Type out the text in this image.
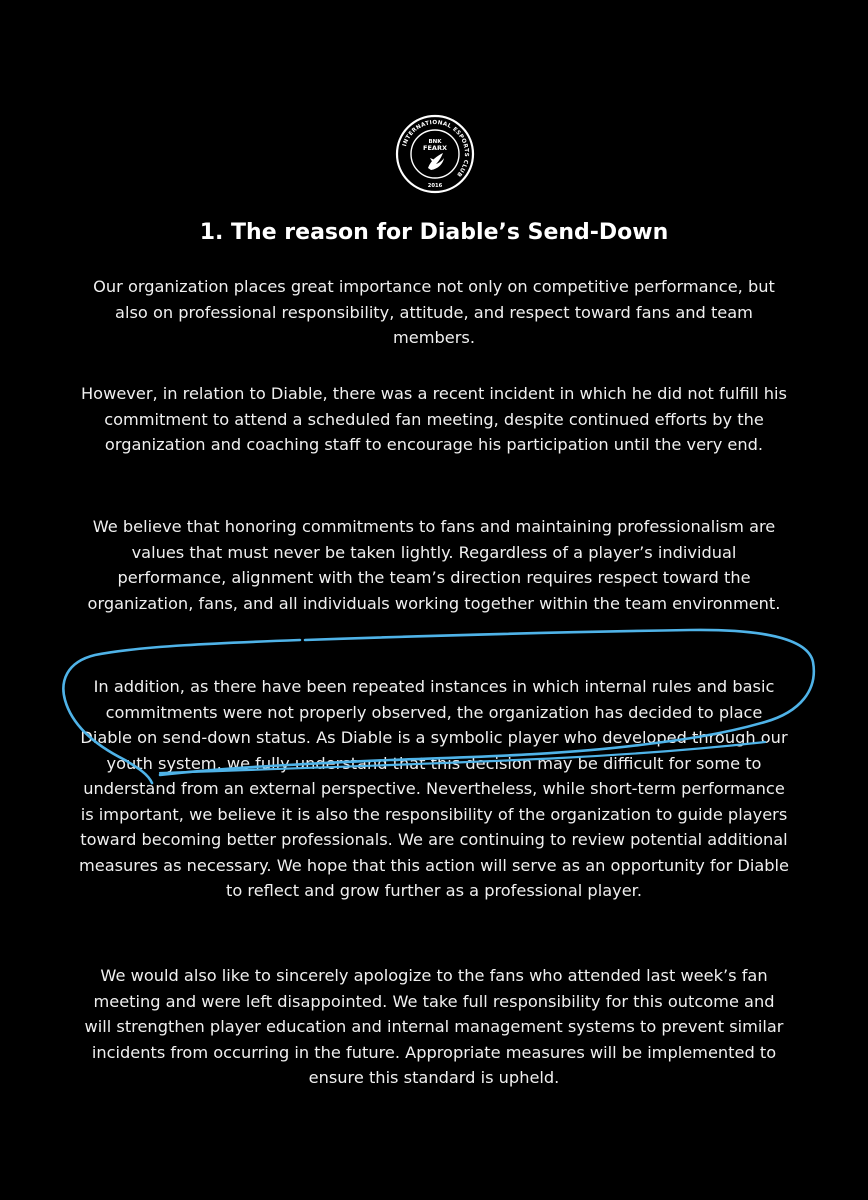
INTERNATIONAL ESPORTS CLUB
BNK
FEARX
2016
1. The reason for Diable’s Send-Down

Our organization places great importance not only on competitive performance, but also on professional responsibility, attitude, and respect toward fans and team members.

However, in relation to Diable, there was a recent incident in which he did not fulfill his commitment to attend a scheduled fan meeting, despite continued efforts by the organization and coaching staff to encourage his participation until the very end.

We believe that honoring commitments to fans and maintaining professionalism are values that must never be taken lightly. Regardless of a player’s individual performance, alignment with the team’s direction requires respect toward the organization, fans, and all individuals working together within the team environment.

In addition, as there have been repeated instances in which internal rules and basic commitments were not properly observed, the organization has decided to place Diable on send-down status. As Diable is a symbolic player who developed through our youth system, we fully understand that this decision may be difficult for some to understand from an external perspective. Nevertheless, while short-term performance is important, we believe it is also the responsibility of the organization to guide players toward becoming better professionals. We are continuing to review potential additional measures as necessary. We hope that this action will serve as an opportunity for Diable to reflect and grow further as a professional player.

We would also like to sincerely apologize to the fans who attended last week’s fan meeting and were left disappointed. We take full responsibility for this outcome and will strengthen player education and internal management systems to prevent similar incidents from occurring in the future. Appropriate measures will be implemented to ensure this standard is upheld.
